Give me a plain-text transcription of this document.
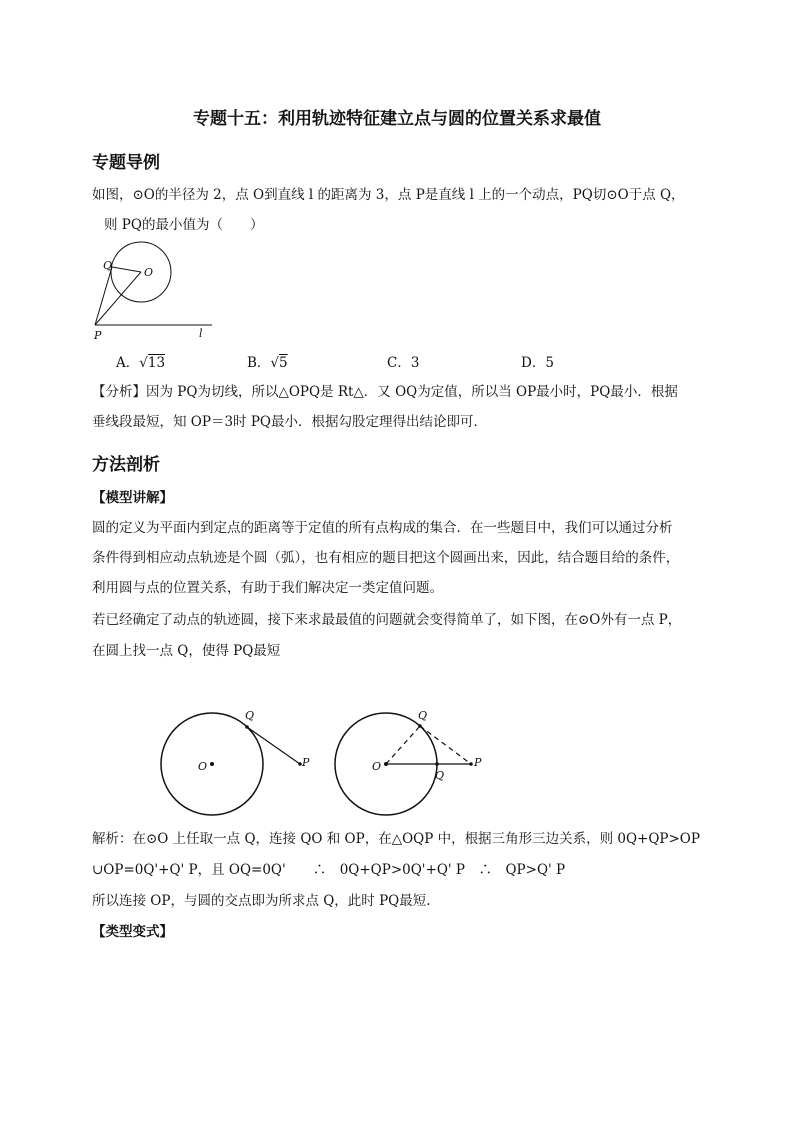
专题十五：利用轨迹特征建立点与圆的位置关系求最值
专题导例
如图，⊙O的半径为 2，点 O到直线 l 的距离为 3，点 P是直线 l 上的一个动点，PQ切⊙O于点 Q，
则 PQ的最小值为（　　）
Q
O
P	l
A．√13	B．√5	C．3	D．5
【分析】因为 PQ为切线，所以△OPQ是 Rt△．又 OQ为定值，所以当 OP最小时，PQ最小．根据
垂线段最短，知 OP＝3时 PQ最小．根据勾股定理得出结论即可．
方法剖析
【模型讲解】
圆的定义为平面内到定点的距离等于定值的所有点构成的集合．在一些题目中，我们可以通过分析
条件得到相应动点轨迹是个圆（弧），也有相应的题目把这个圆画出来，因此，结合题目给的条件，
利用圆与点的位置关系，有助于我们解决定一类定值问题。
若已经确定了动点的轨迹圆，接下来求最最值的问题就会变得简单了，如下图，在⊙O外有一点 P，
在圆上找一点 Q，使得 PQ最短
Q
O	P
Q
O
Q
P
解析：在⊙O 上任取一点 Q，连接 QO 和 OP，在△OQP 中，根据三角形三边关系，则 0Q+QP>OP
∪OP=0Q'+Q' P，且 OQ=0Q'　　∴　0Q+QP>0Q'+Q' P　∴　QP>Q' P
所以连接 OP，与圆的交点即为所求点 Q，此时 PQ最短.
【类型变式】
